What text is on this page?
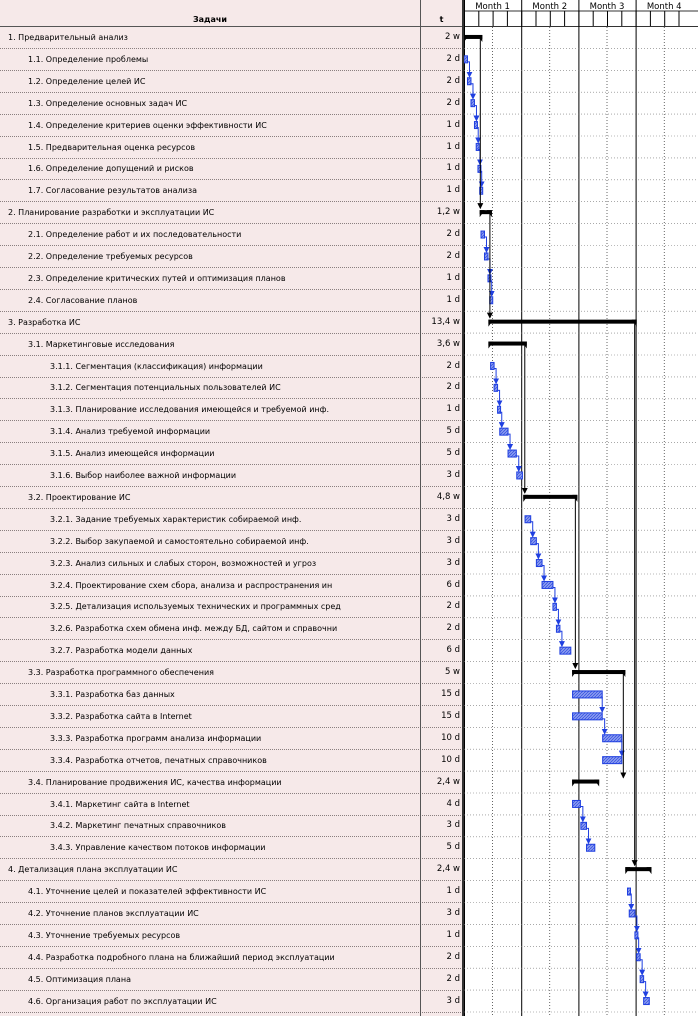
Задачи	t
1. Предварительный анализ	2 w
1.1. Определение проблемы	2 d
1.2. Определение целей ИС	2 d
1.3. Определение основных задач ИС	2 d
1.4. Определение критериев оценки эффективности ИС	1 d
1.5. Предварительная оценка ресурсов	1 d
1.6. Определение допущений и рисков	1 d
1.7. Согласование результатов анализа	1 d
2. Планирование разработки и эксплуатации ИС	1,2 w
2.1. Определение работ и их последовательности	2 d
2.2. Определение требуемых ресурсов	2 d
2.3. Определение критических путей и оптимизация планов	1 d
2.4. Согласование планов	1 d
3. Разработка ИС	13,4 w
3.1. Маркетинговые исследования	3,6 w
3.1.1. Сегментация (классификация) информации	2 d
3.1.2. Сегментация потенциальных пользователей ИС	2 d
3.1.3. Планирование исследования имеющейся и требуемой инф.	1 d
3.1.4. Анализ требуемой информации	5 d
3.1.5. Анализ имеющейся информации	5 d
3.1.6. Выбор наиболее важной информации	3 d
3.2. Проектирование ИС	4,8 w
3.2.1. Задание требуемых характеристик собираемой инф.	3 d
3.2.2. Выбор закупаемой и самостоятельно собираемой инф.	3 d
3.2.3. Анализ сильных и слабых сторон, возможностей и угроз	3 d
3.2.4. Проектирование схем сбора, анализа и распространения ин	6 d
3.2.5. Детализация используемых технических и программных сред	2 d
3.2.6. Разработка схем обмена инф. между БД, сайтом и справочни	2 d
3.2.7. Разработка модели данных	6 d
3.3. Разработка программного обеспечения	5 w
3.3.1. Разработка баз данных	15 d
3.3.2. Разработка сайта в Internet	15 d
3.3.3. Разработка программ анализа информации	10 d
3.3.4. Разработка отчетов, печатных справочников	10 d
3.4. Планирование продвижения ИС, качества информации	2,4 w
3.4.1. Маркетинг сайта в Internet	4 d
3.4.2. Маркетинг печатных справочников	3 d
3.4.3. Управление качеством потоков информации	5 d
4. Детализация плана эксплуатации ИС	2,4 w
4.1. Уточнение целей и показателей эффективности ИС	1 d
4.2. Уточнение планов эксплуатации ИС	3 d
4.3. Уточнение требуемых ресурсов	1 d
4.4. Разработка подробного плана на ближайший период эксплуатации	2 d
4.5. Оптимизация плана	2 d
4.6. Организация работ по эксплуатации ИС	3 d
Month 1	Month 2	Month 3	Month 4
